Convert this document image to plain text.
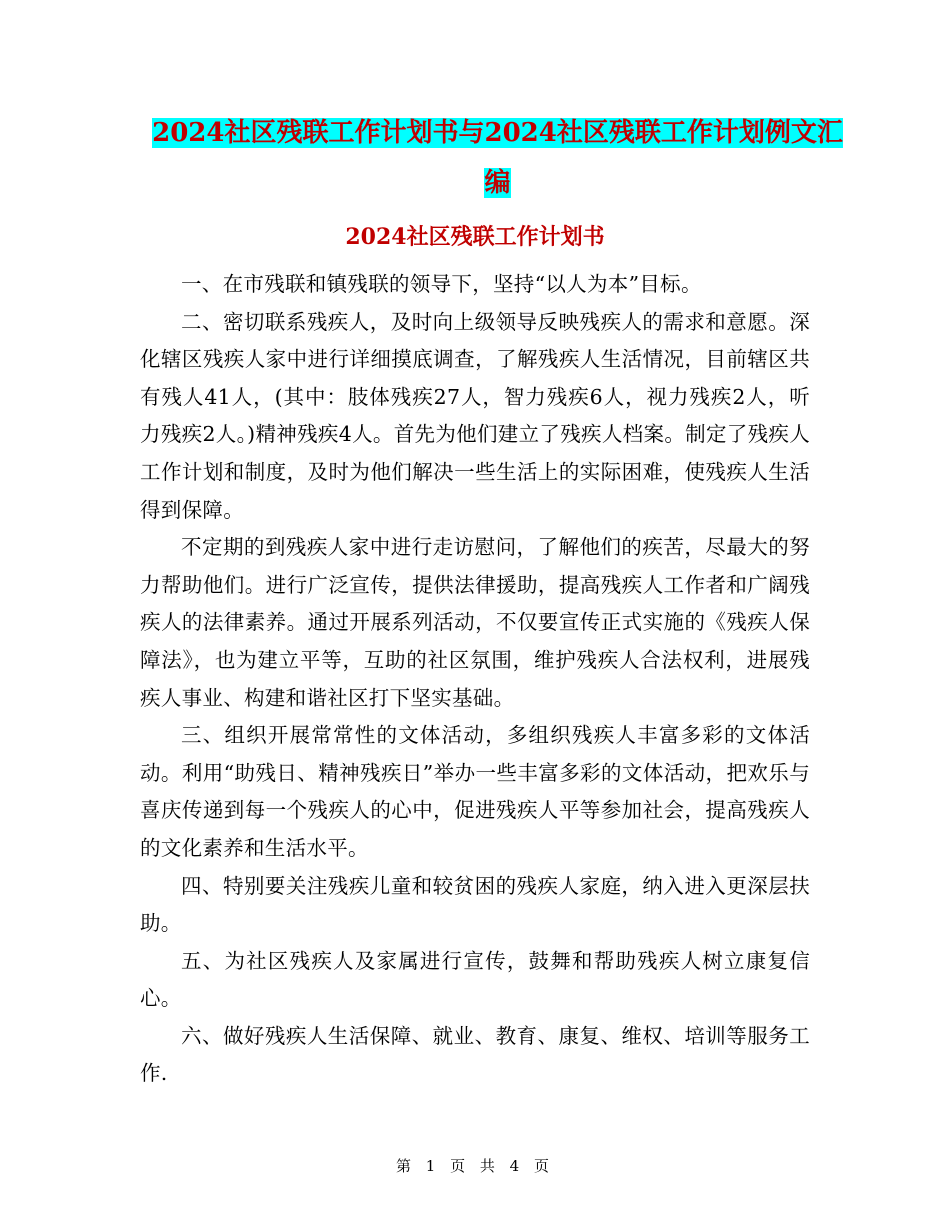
2024社区残联工作计划书与2024社区残联工作计划例文汇编
2024社区残联工作计划书

一、在市残联和镇残联的领导下，坚持“以人为本”目标。

二、密切联系残疾人，及时向上级领导反映残疾人的需求和意愿。深化辖区残疾人家中进行详细摸底调查，了解残疾人生活情况，目前辖区共有残人41人，(其中：肢体残疾27人，智力残疾6人，视力残疾2人，听力残疾2人。)精神残疾4人。首先为他们建立了残疾人档案。制定了残疾人工作计划和制度，及时为他们解决一些生活上的实际困难，使残疾人生活得到保障。

不定期的到残疾人家中进行走访慰问，了解他们的疾苦，尽最大的努力帮助他们。进行广泛宣传，提供法律援助，提高残疾人工作者和广阔残疾人的法律素养。通过开展系列活动，不仅要宣传正式实施的《残疾人保障法》，也为建立平等，互助的社区氛围，维护残疾人合法权利，进展残疾人事业、构建和谐社区打下坚实基础。

三、组织开展常常性的文体活动，多组织残疾人丰富多彩的文体活动。利用“助残日、精神残疾日”举办一些丰富多彩的文体活动，把欢乐与喜庆传递到每一个残疾人的心中，促进残疾人平等参加社会，提高残疾人的文化素养和生活水平。

四、特别要关注残疾儿童和较贫困的残疾人家庭，纳入进入更深层扶助。

五、为社区残疾人及家属进行宣传，鼓舞和帮助残疾人树立康复信心。

六、做好残疾人生活保障、就业、教育、康复、维权、培训等服务工作.

第 1 页 共 4 页
